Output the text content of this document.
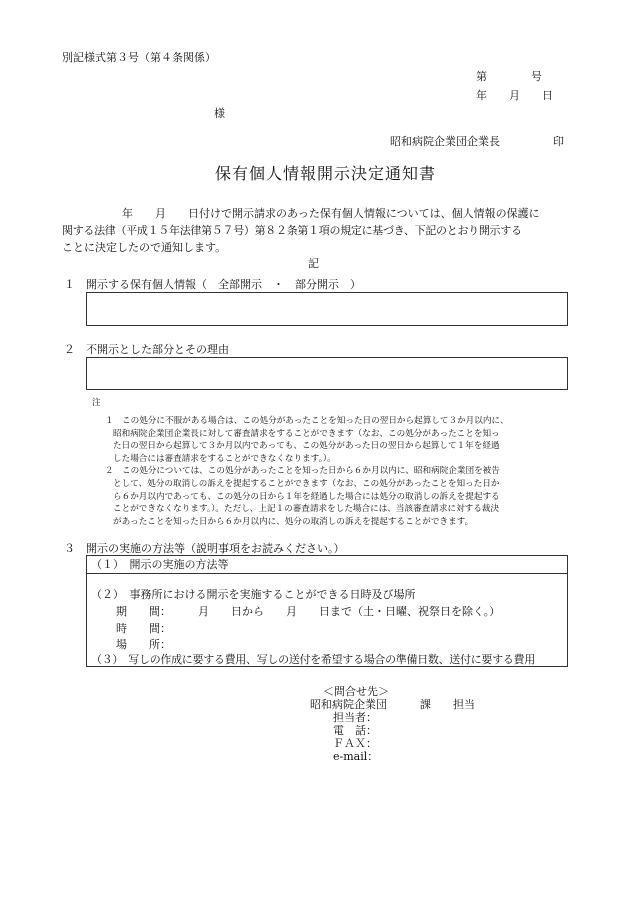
別記様式第３号（第４条関係）
第　　　　号
年　　月　　日
様
昭和病院企業団企業長	印
保有個人情報開示決定通知書
年　　月　　日付けで開示請求のあった保有個人情報については、個人情報の保護に
関する法律（平成１５年法律第５７号）第８２条第１項の規定に基づき、下記のとおり開示する
ことに決定したので通知します。
記
１ 開示する保有個人情報（　全部開示　・　部分開示　）
２ 不開示とした部分とその理由
注
１ この処分に不服がある場合は、この処分があったことを知った日の翌日から起算して３か月以内に、
昭和病院企業団企業長に対して審査請求をすることができます（なお、この処分があったことを知っ
た日の翌日から起算して３か月以内であっても、この処分があった日の翌日から起算して１年を経過
した場合には審査請求をすることができなくなります。）。
２ この処分については、この処分があったことを知った日から６か月以内に、昭和病院企業団を被告
として、処分の取消しの訴えを提起することができます（なお、この処分があったことを知った日か
ら６か月以内であっても、この処分の日から１年を経過した場合には処分の取消しの訴えを提起する
ことができなくなります。）。ただし、上記１の審査請求をした場合には、当該審査請求に対する裁決
があったことを知った日から６か月以内に、処分の取消しの訴えを提起することができます。
３ 開示の実施の方法等（説明事項をお読みください。）
（１）　開示の実施の方法等
（２）　事務所における開示を実施することができる日時及び場所
期　　間： 月　　日から　　月　　日まで（土・日曜、祝祭日を除く。）
時　　間：
場　　所：
（３）　写しの作成に要する費用、写しの送付を希望する場合の準備日数、送付に要する費用
＜問合せ先＞
昭和病院企業団　　　課　　担当
担当者：
電　話：
ＦＡＸ：
e-mail：
